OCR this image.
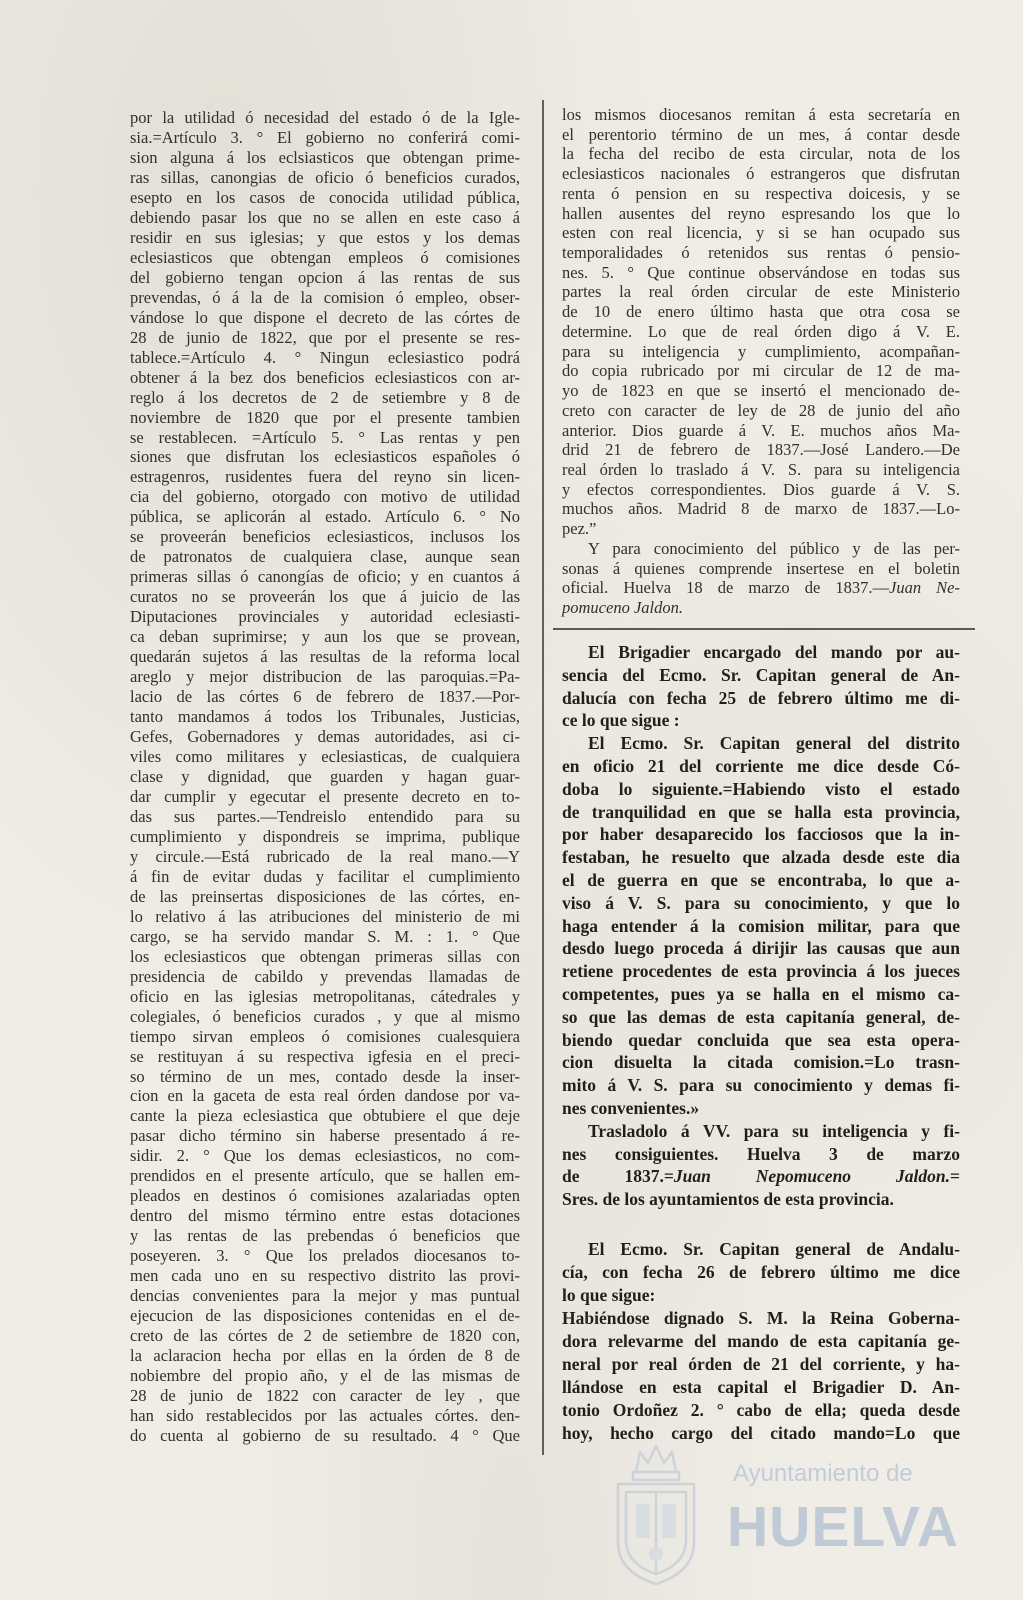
por la utilidad ó necesidad del estado ó de la Igle-
sia.=Artículo 3. ° El gobierno no conferirá comi-
sion alguna á los eclsiasticos que obtengan prime-
ras sillas, canongias de oficio ó beneficios curados,
esepto en los casos de conocida utilidad pública,
debiendo pasar los que no se allen en este caso á
residir en sus iglesias; y que estos y los demas
eclesiasticos que obtengan empleos ó comisiones
del gobierno tengan opcion á las rentas de sus
prevendas, ó á la de la comision ó empleo, obser-
vándose lo que dispone el decreto de las córtes de
28 de junio de 1822, que por el presente se res-
tablece.=Artículo 4. ° Ningun eclesiastico podrá
obtener á la bez dos beneficios eclesiasticos con ar-
reglo á los decretos de 2 de setiembre y 8 de
noviembre de 1820 que por el presente tambien
se restablecen. =Artículo 5. ° Las rentas y pen
siones que disfrutan los eclesiasticos españoles ó
estragenros, rusidentes fuera del reyno sin licen-
cia del gobierno, otorgado con motivo de utilidad
pública, se aplicorán al estado. Artículo 6. ° No
se proveerán beneficios eclesiasticos, inclusos los
de patronatos de cualquiera clase, aunque sean
primeras sillas ó canongías de oficio; y en cuantos á
curatos no se proveerán los que á juicio de las
Diputaciones provinciales y autoridad eclesiasti-
ca deban suprimirse; y aun los que se provean,
quedarán sujetos á las resultas de la reforma local
areglo y mejor distribucion de las paroquias.=Pa-
lacio de las córtes 6 de febrero de 1837.—Por-
tanto mandamos á todos los Tribunales, Justicias,
Gefes, Gobernadores y demas autoridades, asi ci-
viles como militares y eclesiasticas, de cualquiera
clase y dignidad, que guarden y hagan guar-
dar cumplir y egecutar el presente decreto en to-
das sus partes.—Tendreislo entendido para su
cumplimiento y dispondreis se imprima, publique
y circule.—Está rubricado de la real mano.—Y
á fin de evitar dudas y facilitar el cumplimiento
de las preinsertas disposiciones de las córtes, en-
lo relativo á las atribuciones del ministerio de mi
cargo, se ha servido mandar S. M. : 1. ° Que
los eclesiasticos que obtengan primeras sillas con
presidencia de cabildo y prevendas llamadas de
oficio en las iglesias metropolitanas, cátedrales y
colegiales, ó beneficios curados , y que al mismo
tiempo sirvan empleos ó comisiones cualesquiera
se restituyan á su respectiva igfesia en el preci-
so término de un mes, contado desde la inser-
cion en la gaceta de esta real órden dandose por va-
cante la pieza eclesiastica que obtubiere el que deje
pasar dicho término sin haberse presentado á re-
sidir. 2. ° Que los demas eclesiasticos, no com-
prendidos en el presente artículo, que se hallen em-
pleados en destinos ó comisiones azalariadas opten
dentro del mismo término entre estas dotaciones
y las rentas de las prebendas ó beneficios que
poseyeren. 3. ° Que los prelados diocesanos to-
men cada uno en su respectivo distrito las provi-
dencias convenientes para la mejor y mas puntual
ejecucion de las disposiciones contenidas en el de-
creto de las córtes de 2 de setiembre de 1820 con,
la aclaracion hecha por ellas en la órden de 8 de
nobiembre del propio año, y el de las mismas de
28 de junio de 1822 con caracter de ley , que
han sido restablecidos por las actuales córtes. den-
do cuenta al gobierno de su resultado. 4 ° Que
los mismos diocesanos remitan á esta secretaría en
el perentorio término de un mes, á contar desde
la fecha del recibo de esta circular, nota de los
eclesiasticos nacionales ó estrangeros que disfrutan
renta ó pension en su respectiva doicesis, y se
hallen ausentes del reyno espresando los que lo
esten con real licencia, y si se han ocupado sus
temporalidades ó retenidos sus rentas ó pensio-
nes. 5. ° Que continue observándose en todas sus
partes la real órden circular de este Ministerio
de 10 de enero último hasta que otra cosa se
determine. Lo que de real órden digo á V. E.
para su inteligencia y cumplimiento, acompañan-
do copia rubricado por mi circular de 12 de ma-
yo de 1823 en que se insertó el mencionado de-
creto con caracter de ley de 28 de junio del año
anterior. Dios guarde á V. E. muchos años Ma-
drid 21 de febrero de 1837.—José Landero.—De
real órden lo traslado á V. S. para su inteligencia
y efectos correspondientes. Dios guarde á V. S.
muchos años. Madrid 8 de marxo de 1837.—Lo-
pez.”
Y para conocimiento del público y de las per-
sonas á quienes comprende insertese en el boletin
oficial. Huelva 18 de marzo de 1837.—Juan Ne-
pomuceno Jaldon.
El Brigadier encargado del mando por au-
sencia del Ecmo. Sr. Capitan general de An-
dalucía con fecha 25 de febrero último me di-
ce lo que sigue :
El Ecmo. Sr. Capitan general del distrito
en oficio 21 del corriente me dice desde Có-
doba lo siguiente.=Habiendo visto el estado
de tranquilidad en que se halla esta provincia,
por haber desaparecido los facciosos que la in-
festaban, he resuelto que alzada desde este dia
el de guerra en que se encontraba, lo que a-
viso á V. S. para su conocimiento, y que lo
haga entender á la comision militar, para que
desdo luego proceda á dirijir las causas que aun
retiene procedentes de esta provincia á los jueces
competentes, pues ya se halla en el mismo ca-
so que las demas de esta capitanía general, de-
biendo quedar concluida que sea esta opera-
cion disuelta la citada comision.=Lo trasn-
mito á V. S. para su conocimiento y demas fi-
nes convenientes.»
Trasladolo á VV. para su inteligencia y fi-
nes consiguientes. Huelva 3 de marzo
de 1837.=Juan Nepomuceno Jaldon.=
Sres. de los ayuntamientos de esta provincia.
El Ecmo. Sr. Capitan general de Andalu-
cía, con fecha 26 de febrero último me dice
lo que sigue:
Habiéndose dignado S. M. la Reina Goberna-
dora relevarme del mando de esta capitanía ge-
neral por real órden de 21 del corriente, y ha-
llándose en esta capital el Brigadier D. An-
tonio Ordoñez 2. ° cabo de ella; queda desde
hoy, hecho cargo del citado mando=Lo que
Ayuntamiento de
HUELVA
